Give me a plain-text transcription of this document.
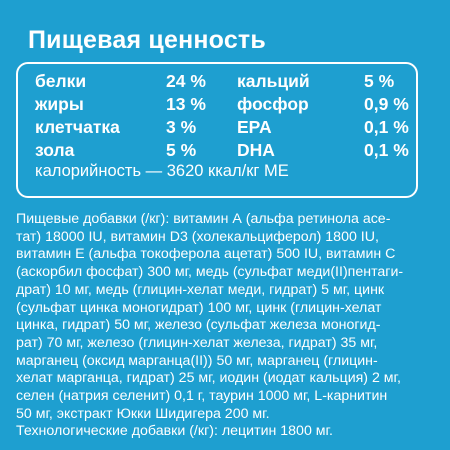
Пищевая ценность
белки	24 % кальций	5 %
жиры	13 % фосфор	0,9 %
клетчатка	3 % EPA	0,1 %
зола	5 % DHA	0,1 %
калорийность — 3620 ккал/кг МЕ
Пищевые добавки (/кг): витамин А (альфа ретинола ace-
тат) 18000 IU, витамин D3 (холекальциферол) 1800 IU,
витамин Е (альфа токоферола ацетат) 500 IU, витамин С
(аскорбил фосфат) 300 мг, медь (сульфат меди(II)пентаги-
драт) 10 мг, медь (глицин-хелат меди, гидрат) 5 мг, цинк
(сульфат цинка моногидрат) 100 мг, цинк (глицин-хелат
цинка, гидрат) 50 мг, железо (сульфат железа моногид-
рат) 70 мг, железо (глицин-хелат железа, гидрат) 35 мг,
марганец (оксид марганца(II)) 50 мг, марганец (глицин-
хелат марганца, гидрат) 25 мг, иодин (иодат кальция) 2 мг,
селен (натрия селенит) 0,1 г, таурин 1000 мг, L-карнитин
50 мг, экстракт Юкки Шидигера 200 мг.
Технологические добавки (/кг): лецитин 1800 мг.
